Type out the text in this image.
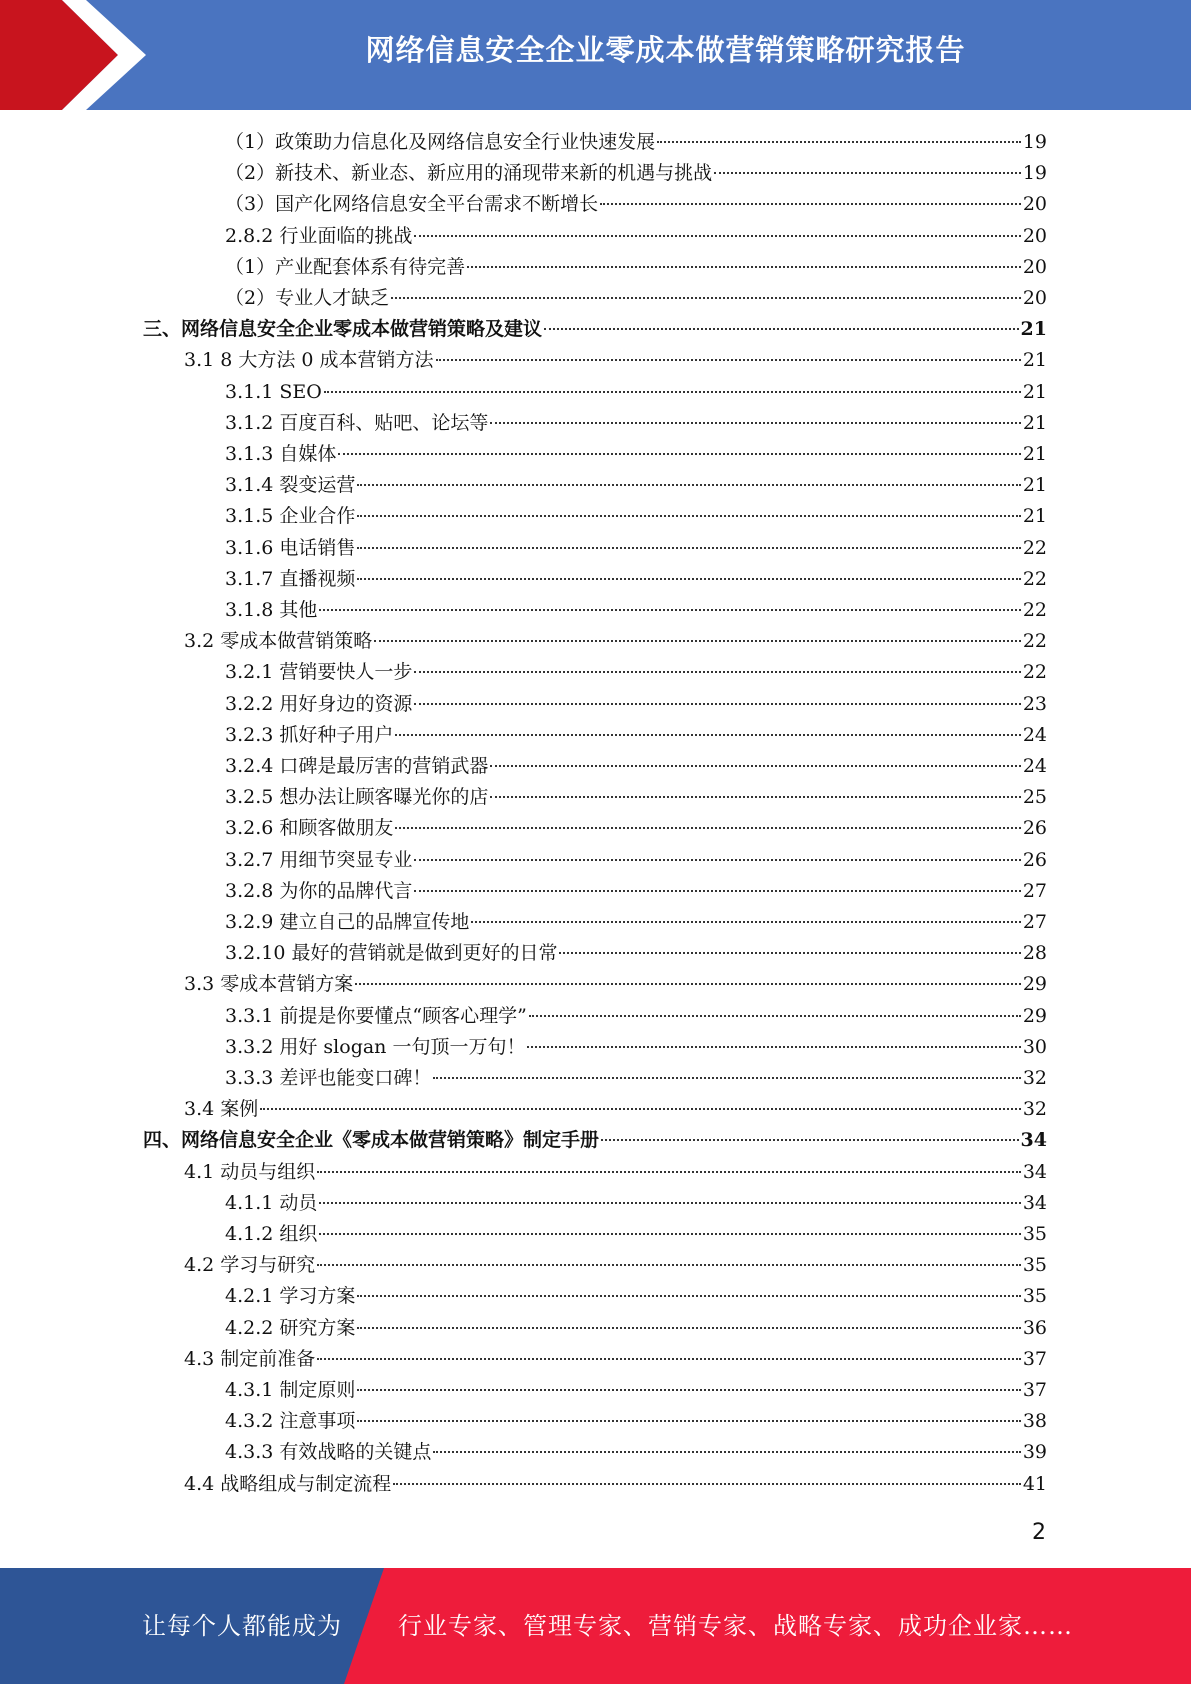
网络信息安全企业零成本做营销策略研究报告
（1）政策助力信息化及网络信息安全行业快速发展	19
（2）新技术、新业态、新应用的涌现带来新的机遇与挑战	19
（3）国产化网络信息安全平台需求不断增长	20
2.8.2 行业面临的挑战	20
（1）产业配套体系有待完善	20
（2）专业人才缺乏	20
三、网络信息安全企业零成本做营销策略及建议	21
3.1 8 大方法 0 成本营销方法	21
3.1.1 SEO	21
3.1.2 百度百科、贴吧、论坛等	21
3.1.3 自媒体	21
3.1.4 裂变运营	21
3.1.5 企业合作	21
3.1.6 电话销售	22
3.1.7 直播视频	22
3.1.8 其他	22
3.2 零成本做营销策略	22
3.2.1 营销要快人一步	22
3.2.2 用好身边的资源	23
3.2.3 抓好种子用户	24
3.2.4 口碑是最厉害的营销武器	24
3.2.5 想办法让顾客曝光你的店	25
3.2.6 和顾客做朋友	26
3.2.7 用细节突显专业	26
3.2.8 为你的品牌代言	27
3.2.9 建立自己的品牌宣传地	27
3.2.10 最好的营销就是做到更好的日常	28
3.3 零成本营销方案	29
3.3.1 前提是你要懂点“顾客心理学”	29
3.3.2 用好 slogan 一句顶一万句！	30
3.3.3 差评也能变口碑！	32
3.4 案例	32
四、网络信息安全企业《零成本做营销策略》制定手册	34
4.1 动员与组织	34
4.1.1 动员	34
4.1.2 组织	35
4.2 学习与研究	35
4.2.1 学习方案	35
4.2.2 研究方案	36
4.3 制定前准备	37
4.3.1 制定原则	37
4.3.2 注意事项	38
4.3.3 有效战略的关键点	39
4.4 战略组成与制定流程	41
2
让每个人都能成为 行业专家、管理专家、营销专家、战略专家、成功企业家……
